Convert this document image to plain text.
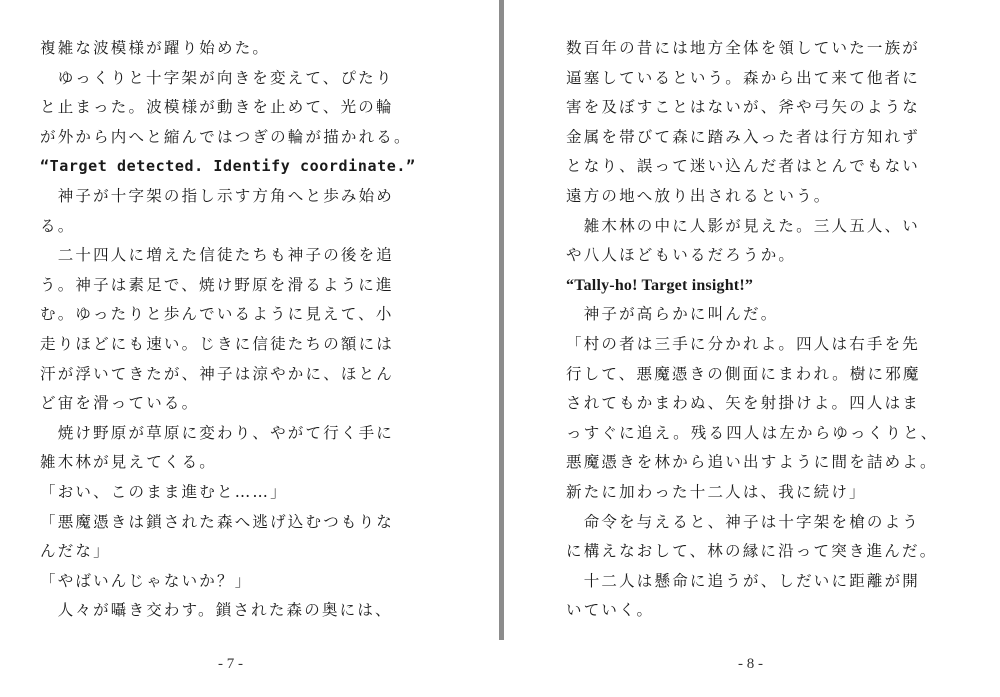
複雑な波模様が躍り始めた。
　ゆっくりと十字架が向きを変えて、ぴたり
と止まった。波模様が動きを止めて、光の輪
が外から内へと縮んではつぎの輪が描かれる。
“Target detected. Identify coordinate.”
　神子が十字架の指し示す方角へと歩み始め
る。
　二十四人に増えた信徒たちも神子の後を追
う。神子は素足で、焼け野原を滑るように進
む。ゆったりと歩んでいるように見えて、小
走りほどにも速い。じきに信徒たちの額には
汗が浮いてきたが、神子は涼やかに、ほとん
ど宙を滑っている。
　焼け野原が草原に変わり、やがて行く手に
雑木林が見えてくる。
「おい、このまま進むと……」
「悪魔憑きは鎖された森へ逃げ込むつもりな
んだな」
「やばいんじゃないか？」
　人々が囁き交わす。鎖された森の奥には、
- 7 -
数百年の昔には地方全体を領していた一族が
逼塞しているという。森から出て来て他者に
害を及ぼすことはないが、斧や弓矢のような
金属を帯びて森に踏み入った者は行方知れず
となり、誤って迷い込んだ者はとんでもない
遠方の地へ放り出されるという。
　雑木林の中に人影が見えた。三人五人、い
や八人ほどもいるだろうか。
“Tally-ho! Target insight!”
　神子が高らかに叫んだ。
「村の者は三手に分かれよ。四人は右手を先
行して、悪魔憑きの側面にまわれ。樹に邪魔
されてもかまわぬ、矢を射掛けよ。四人はま
っすぐに追え。残る四人は左からゆっくりと、
悪魔憑きを林から追い出すように間を詰めよ。
新たに加わった十二人は、我に続け」
　命令を与えると、神子は十字架を槍のよう
に構えなおして、林の縁に沿って突き進んだ。
　十二人は懸命に追うが、しだいに距離が開
いていく。
- 8 -
